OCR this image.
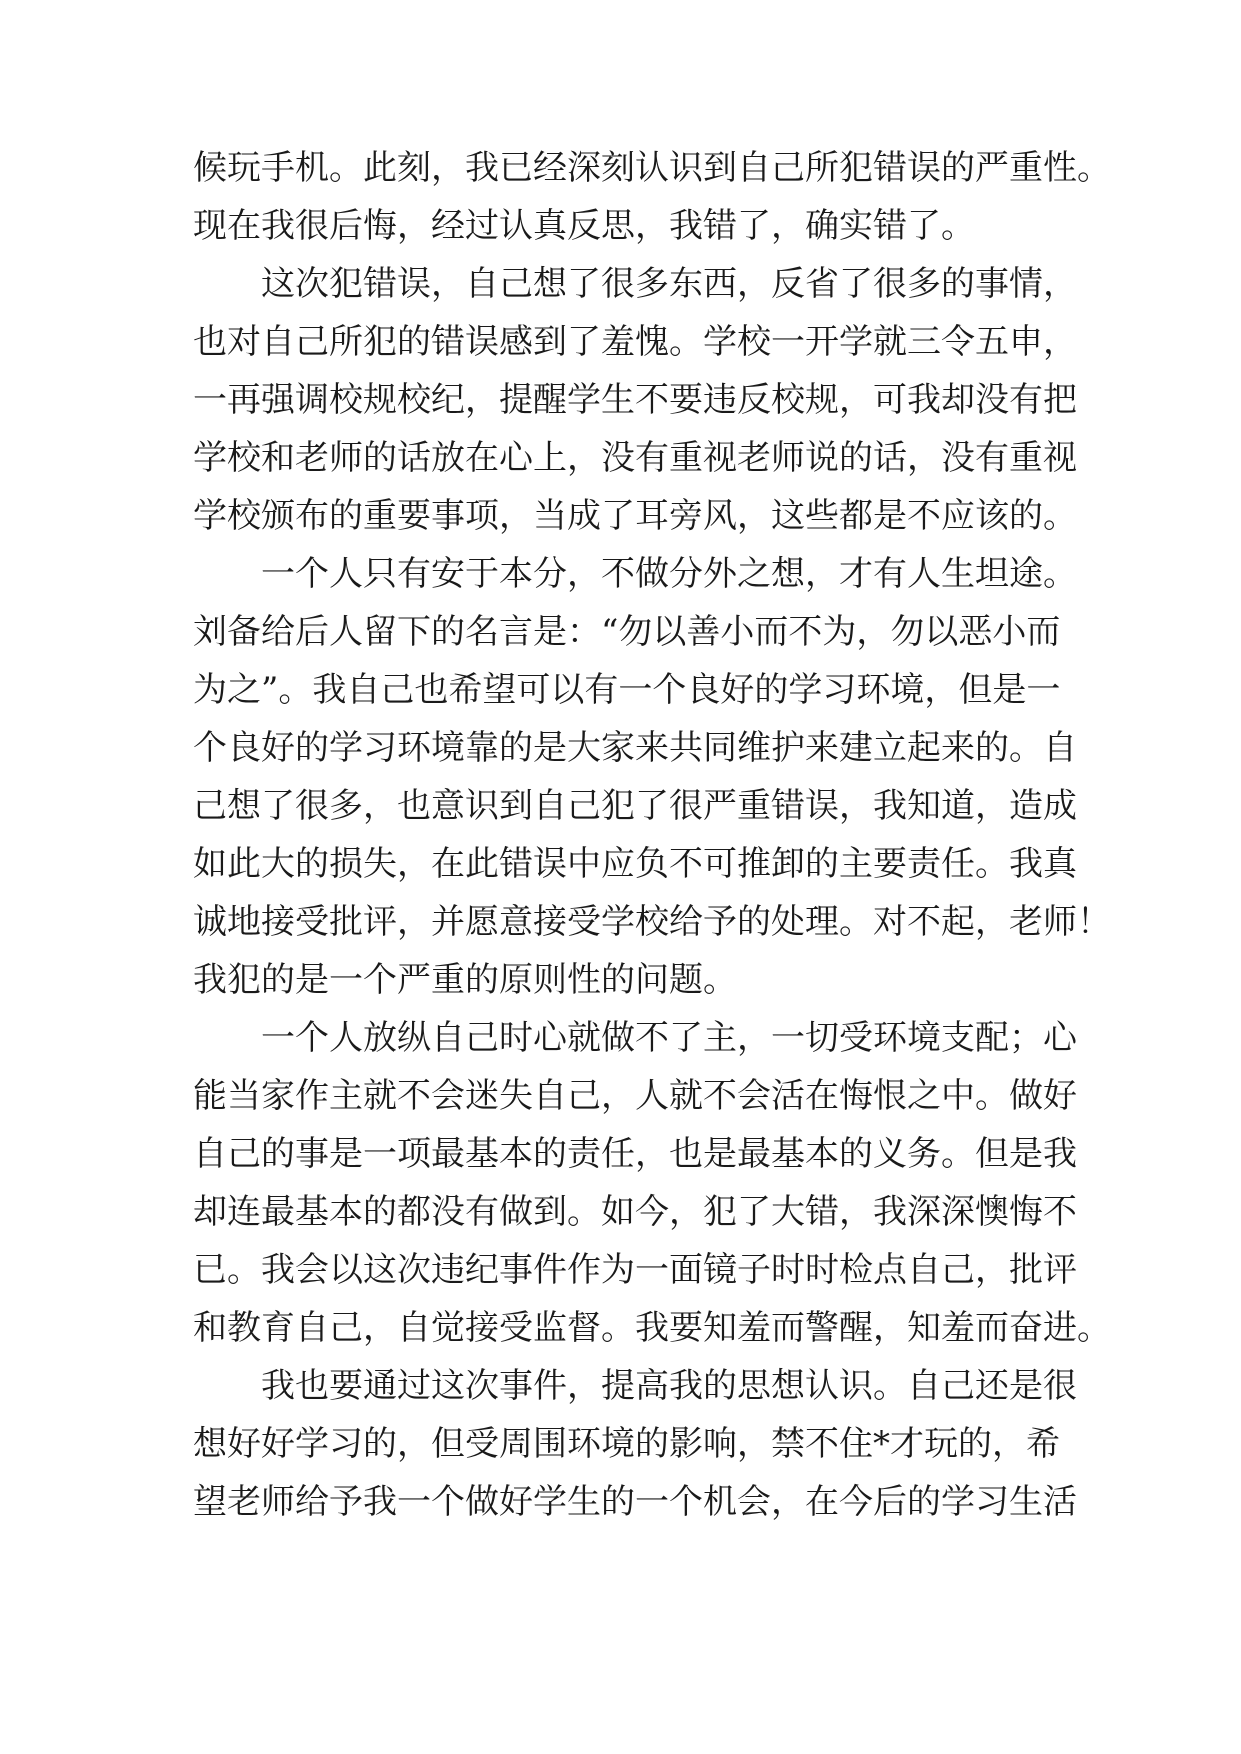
候玩手机。此刻，我已经深刻认识到自己所犯错误的严重性。
现在我很后悔，经过认真反思，我错了，确实错了。
这次犯错误，自己想了很多东西，反省了很多的事情，
也对自己所犯的错误感到了羞愧。学校一开学就三令五申，
一再强调校规校纪，提醒学生不要违反校规，可我却没有把
学校和老师的话放在心上，没有重视老师说的话，没有重视
学校颁布的重要事项，当成了耳旁风，这些都是不应该的。
一个人只有安于本分，不做分外之想，才有人生坦途。
刘备给后人留下的名言是：“勿以善小而不为，勿以恶小而
为之”。我自己也希望可以有一个良好的学习环境，但是一
个良好的学习环境靠的是大家来共同维护来建立起来的。自
己想了很多，也意识到自己犯了很严重错误，我知道，造成
如此大的损失，在此错误中应负不可推卸的主要责任。我真
诚地接受批评，并愿意接受学校给予的处理。对不起，老师！
我犯的是一个严重的原则性的问题。
一个人放纵自己时心就做不了主，一切受环境支配；心
能当家作主就不会迷失自己，人就不会活在悔恨之中。做好
自己的事是一项最基本的责任，也是最基本的义务。但是我
却连最基本的都没有做到。如今，犯了大错，我深深懊悔不
已。我会以这次违纪事件作为一面镜子时时检点自己，批评
和教育自己，自觉接受监督。我要知羞而警醒，知羞而奋进。
我也要通过这次事件，提高我的思想认识。自己还是很
想好好学习的，但受周围环境的影响，禁不住*才玩的，希
望老师给予我一个做好学生的一个机会，在今后的学习生活
